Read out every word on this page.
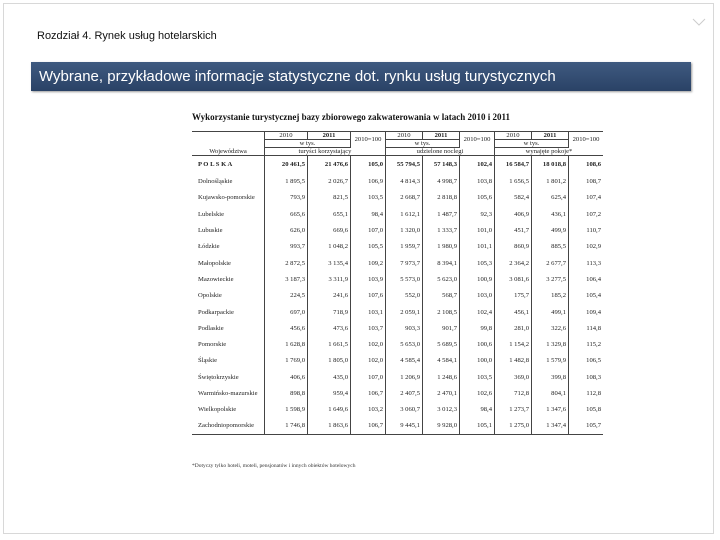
Rozdział 4. Rynek usług hotelarskich
Wybrane, przykładowe informacje statystyczne dot. rynku usług turystycznych
Wykorzystanie turystycznej bazy zbiorowego zakwaterowania w latach 2010 i 2011
	2010	2011	2010=100	2010	2011	2010=100	2010	2011	2010=100
	w tys.			w tys.			w tys.		
Województwa	turyści korzystający			udzielone noclegi			wynajęte pokoje*		
P O L S K A	20 461,5	21 476,6	105,0	55 794,5	57 148,3	102,4	16 584,7	18 018,8	108,6
Dolnośląskie	1 895,5	2 026,7	106,9	4 814,3	4 998,7	103,8	1 656,5	1 801,2	108,7
Kujawsko-pomorskie	793,9	821,5	103,5	2 668,7	2 818,8	105,6	582,4	625,4	107,4
Lubelskie	665,6	655,1	98,4	1 612,1	1 487,7	92,3	406,9	436,1	107,2
Lubuskie	626,0	669,6	107,0	1 320,0	1 333,7	101,0	451,7	499,9	110,7
Łódzkie	993,7	1 048,2	105,5	1 959,7	1 980,9	101,1	860,9	885,5	102,9
Małopolskie	2 872,5	3 135,4	109,2	7 973,7	8 394,1	105,3	2 364,2	2 677,7	113,3
Mazowieckie	3 187,3	3 311,9	103,9	5 573,0	5 623,0	100,9	3 081,6	3 277,5	106,4
Opolskie	224,5	241,6	107,6	552,0	568,7	103,0	175,7	185,2	105,4
Podkarpackie	697,0	718,9	103,1	2 059,1	2 108,5	102,4	456,1	499,1	109,4
Podlaskie	456,6	473,6	103,7	903,3	901,7	99,8	281,0	322,6	114,8
Pomorskie	1 628,8	1 661,5	102,0	5 653,0	5 689,5	100,6	1 154,2	1 329,8	115,2
Śląskie	1 769,0	1 805,0	102,0	4 585,4	4 584,1	100,0	1 482,8	1 579,9	106,5
Świętokrzyskie	406,6	435,0	107,0	1 206,9	1 248,6	103,5	369,0	399,8	108,3
Warmińsko-mazurskie	898,8	959,4	106,7	2 407,5	2 470,1	102,6	712,8	804,1	112,8
Wielkopolskie	1 598,9	1 649,6	103,2	3 060,7	3 012,3	98,4	1 273,7	1 347,6	105,8
Zachodniopomorskie	1 746,8	1 863,6	106,7	9 445,1	9 928,0	105,1	1 275,0	1 347,4	105,7
*Dotyczy tylko hoteli, moteli, pensjonatów i innych obiektów hotelowych
